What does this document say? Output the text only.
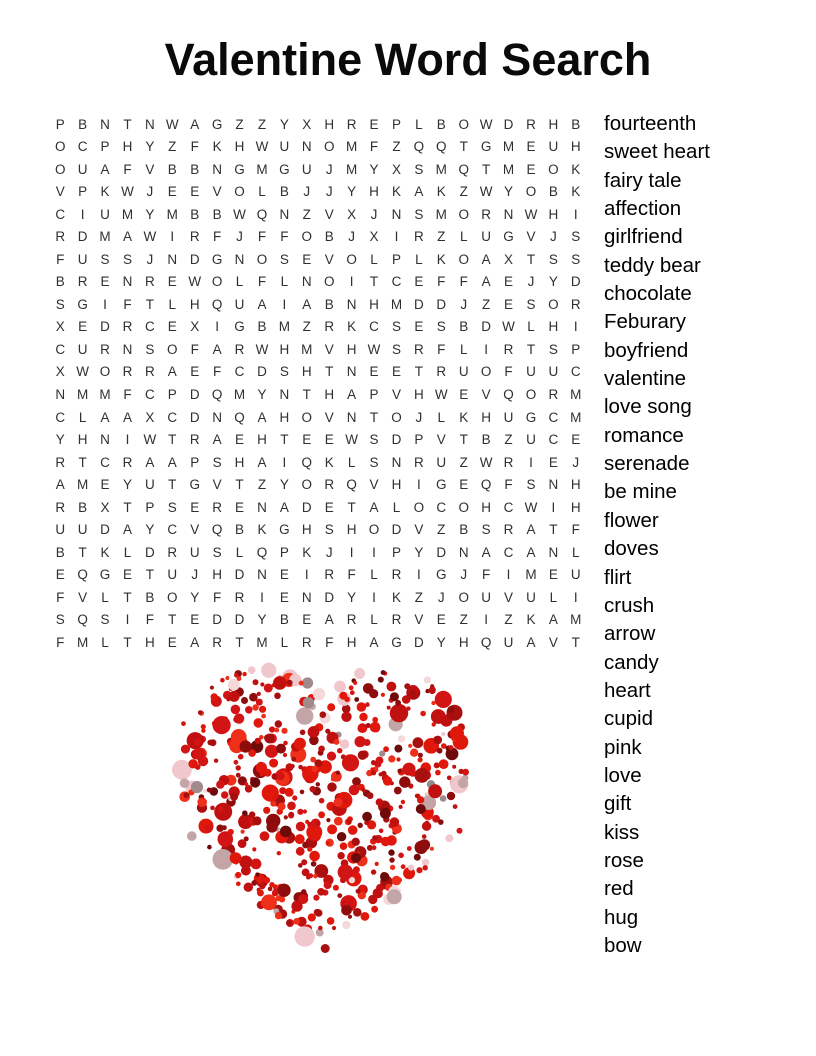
Valentine Word Search
P B N T N W A G Z	Z	Y X H R E P	L	B O W D R H B
O C P H Y	Z	F	K H W U N O M F	Z Q Q T G M E U H
O U A	F	V B B N G M G U	J M Y X S M Q T M E O K
V P K W J	E E V O L	B	J	J	Y H K A K	Z W Y O B K
C	I	U M Y M B B W Q N Z	V X	J	N S M O R N W H	I
R D M A W	I	R F	J	F	F O B	J	X	I	R Z	L	U G V	J	S
F U S S	J	N D G N O S E V O L	P	L	K O A X	T	S S
B R E N R E W O L	F	L	N O	I	T C E	F	F	A E	J	Y D
S G	I	F	T	L	H Q U A	I	A B N H M D D	J	Z	E S O R
X E D R C E X	I	G B M Z R K C S E S B D W L	H	I
C U R N S O F	A R W H M V H W S R F	L	I	R T	S P
X W O R R A E	F C D S H T N E E	T R U O F U U C
N M M F C P D Q M Y N T H A P V H W E V Q O R M
C	L	A A X C D N Q A H O V N T O	J	L	K H U G C M
Y H N	I	W T R A E H T	E E W S D P V	T	B	Z U C E
R T C R A A P S H A	I	Q K	L	S N R U Z W R	I	E	J
A M E Y U T G V	T	Z	Y O R Q V H	I	G E Q F	S N H
R B X	T	P S E R E N A D E	T	A	L O C O H C W	I	H
U U D A Y C V Q B K G H S H O D V	Z	B S R A	T	F
B	T	K	L	D R U S	L Q P K	J	I	I	P Y D N A C A N	L
E Q G E	T U	J	H D N E	I	R F	L	R	I	G	J	F	I	M E U
F	V	L	T	B O Y	F R	I	E N D Y	I	K	Z	J	O U V U	L	I
S Q S	I	F	T	E D D Y B E A R	L	R V E	Z	I	Z	K A M
F M L	T H E A R T M L	R F H A G D Y H Q U A V	T
fourteenth
sweet heart
fairy tale
affection
girlfriend
teddy bear
chocolate
Feburary
boyfriend
valentine
love song
romance
serenade
be mine
flower
doves
flirt
crush
arrow
candy
heart
cupid
pink
love
gift
kiss
rose
red
hug
bow
